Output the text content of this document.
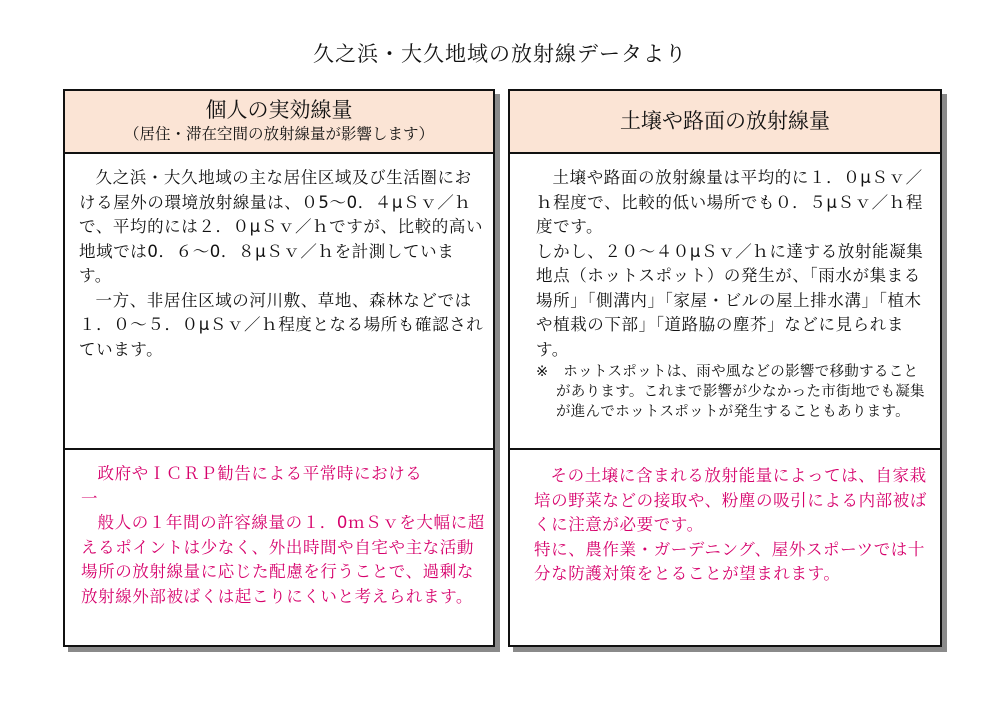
久之浜・大久地域の放射線データより
個人の実効線量
（居住・滞在空間の放射線量が影響します）

久之浜・大久地域の主な居住区域及び生活圏における屋外の環境放射線量は、０5～0．４μＳｖ／ｈで、平均的には２．０μＳｖ／ｈですが、比較的高い地域では0．６～0．８μＳｖ／ｈを計測しています。

一方、非居住区域の河川敷、草地、森林などでは１．０～５．０μＳｖ／ｈ程度となる場所も確認されています。

政府やＩＣＲＰ勧告による平常時における

一

般人の１年間の許容線量の１．0ｍＳｖを大幅に超えるポイントは少なく、外出時間や自宅や主な活動場所の放射線量に応じた配慮を行うことで、過剰な放射線外部被ばくは起こりにくいと考えられます。

土壌や路面の放射線量

土壌や路面の放射線量は平均的に１．０μＳｖ／ｈ程度で、比較的低い場所でも０．５μＳｖ／ｈ程度です。

しかし、２０～４０μＳｖ／ｈに達する放射能凝集地点（ホットスポット）の発生が、「雨水が集まる場所」「側溝内」「家屋・ビルの屋上排水溝」「植木や植栽の下部」「道路脇の塵芥」などに見られます。

※　ホットスポットは、雨や風などの影響で移動することがあります。これまで影響が少なかった市街地でも凝集が進んでホットスポットが発生することもあります。

その土壌に含まれる放射能量によっては、自家栽培の野菜などの接取や、粉塵の吸引による内部被ばくに注意が必要です。

特に、農作業・ガーデニング、屋外スポーツでは十分な防護対策をとることが望まれます。
